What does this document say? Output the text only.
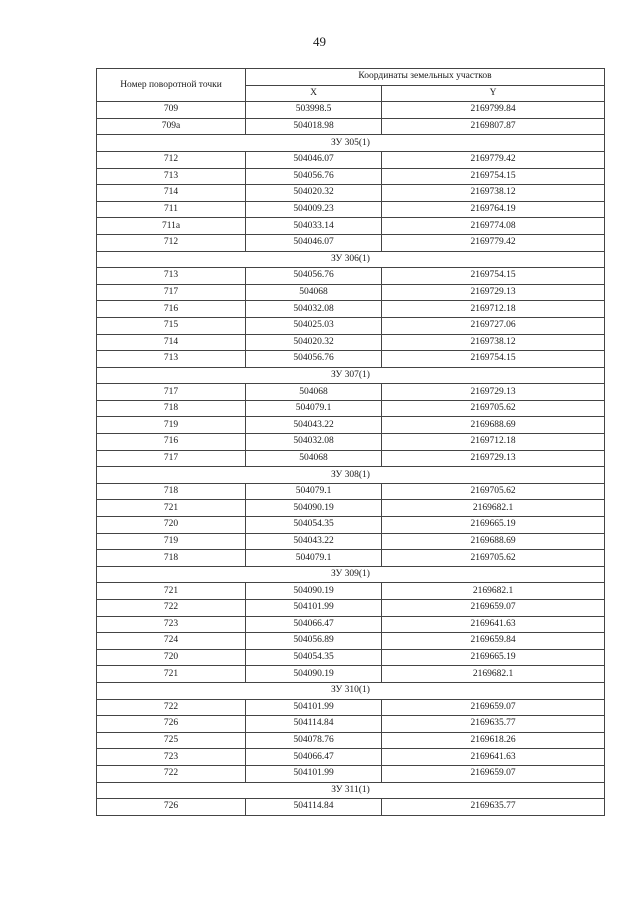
49
Номер поворотной точки	Координаты земельных участков	
	X	Y
709	503998.5	2169799.84
709а	504018.98	2169807.87
ЗУ 305(1)		
712	504046.07	2169779.42
713	504056.76	2169754.15
714	504020.32	2169738.12
711	504009.23	2169764.19
711а	504033.14	2169774.08
712	504046.07	2169779.42
ЗУ 306(1)		
713	504056.76	2169754.15
717	504068	2169729.13
716	504032.08	2169712.18
715	504025.03	2169727.06
714	504020.32	2169738.12
713	504056.76	2169754.15
ЗУ 307(1)		
717	504068	2169729.13
718	504079.1	2169705.62
719	504043.22	2169688.69
716	504032.08	2169712.18
717	504068	2169729.13
ЗУ 308(1)		
718	504079.1	2169705.62
721	504090.19	2169682.1
720	504054.35	2169665.19
719	504043.22	2169688.69
718	504079.1	2169705.62
ЗУ 309(1)		
721	504090.19	2169682.1
722	504101.99	2169659.07
723	504066.47	2169641.63
724	504056.89	2169659.84
720	504054.35	2169665.19
721	504090.19	2169682.1
ЗУ 310(1)		
722	504101.99	2169659.07
726	504114.84	2169635.77
725	504078.76	2169618.26
723	504066.47	2169641.63
722	504101.99	2169659.07
ЗУ 311(1)		
726	504114.84	2169635.77
